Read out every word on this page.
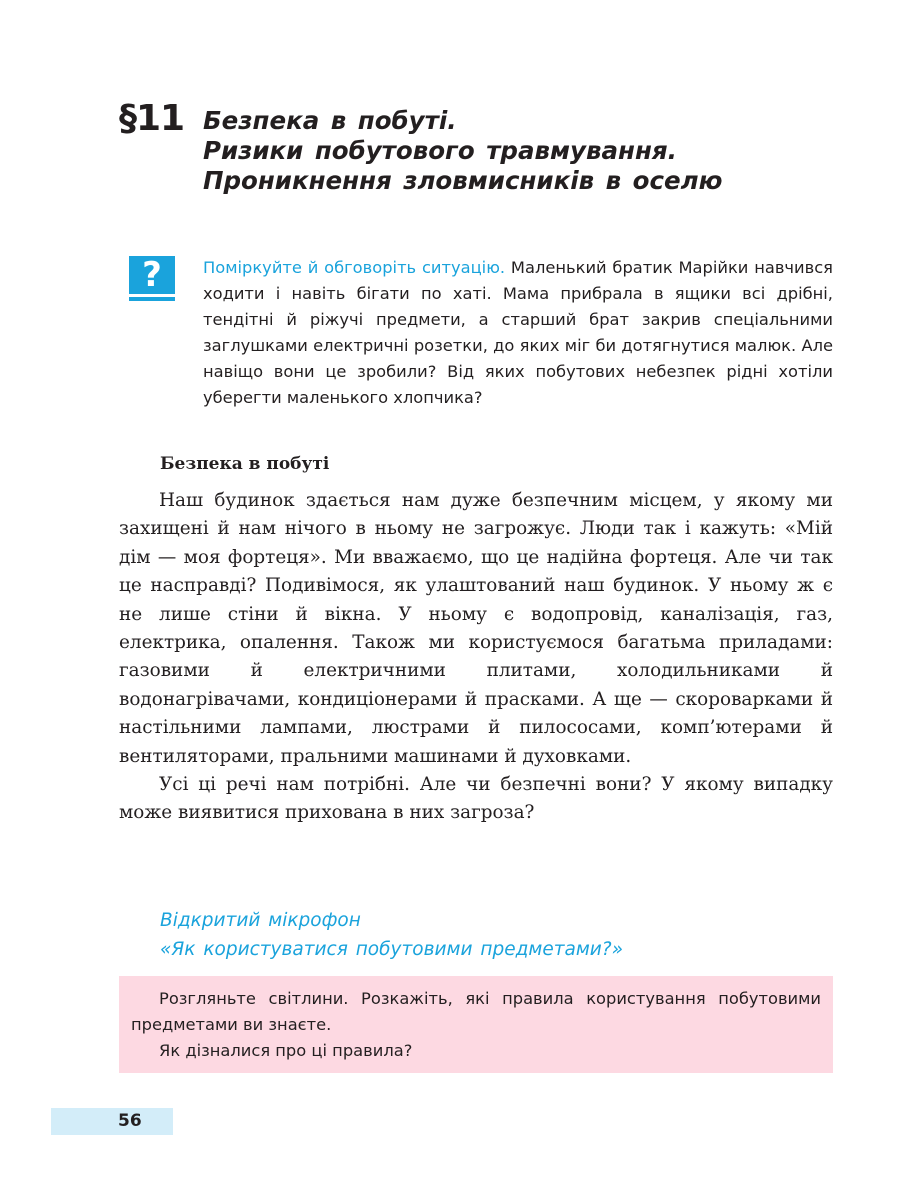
§11 Безпека в побуті.
Ризики побутового травмування.
Проникнення зловмисників в оселю
?	Поміркуйте й обговоріть ситуацію. Маленький братик Марійки навчився ходити і навіть бігати по хаті. Мама прибрала в ящики всі дрібні, тендітні й ріжучі предмети, а старший брат закрив спеціальними заглушками електричні розетки, до яких міг би дотягнутися малюк. Але навіщо вони це зробили? Від яких побутових небезпек рідні хотіли уберегти маленького хлопчика?
Безпека в побуті

Наш будинок здається нам дуже безпечним місцем, у якому ми захищені й нам нічого в ньому не загрожує. Люди так і кажуть: «Мій дім — моя фортеця». Ми вважаємо, що це надійна фортеця. Але чи так це насправді? Подивімося, як улаштований наш будинок. У ньому ж є не лише стіни й вікна. У ньому є водопровід, каналізація, газ, електрика, опалення. Також ми користуємося багатьма приладами: газовими й електричними плитами, холодильниками й водонагрівачами, кондиціонерами й прасками. А ще — скороварками й настільними лампами, люстрами й пилососами, комп’ютерами й вентиляторами, пральними машинами й духовками.

Усі ці речі нам потрібні. Але чи безпечні вони? У якому випадку може виявитися прихована в них загроза?

Відкритий мікрофон
«Як користуватися побутовими предметами?»

Розгляньте світлини. Розкажіть, які правила користування побутовими предметами ви знаєте.

Як дізналися про ці правила?

56
